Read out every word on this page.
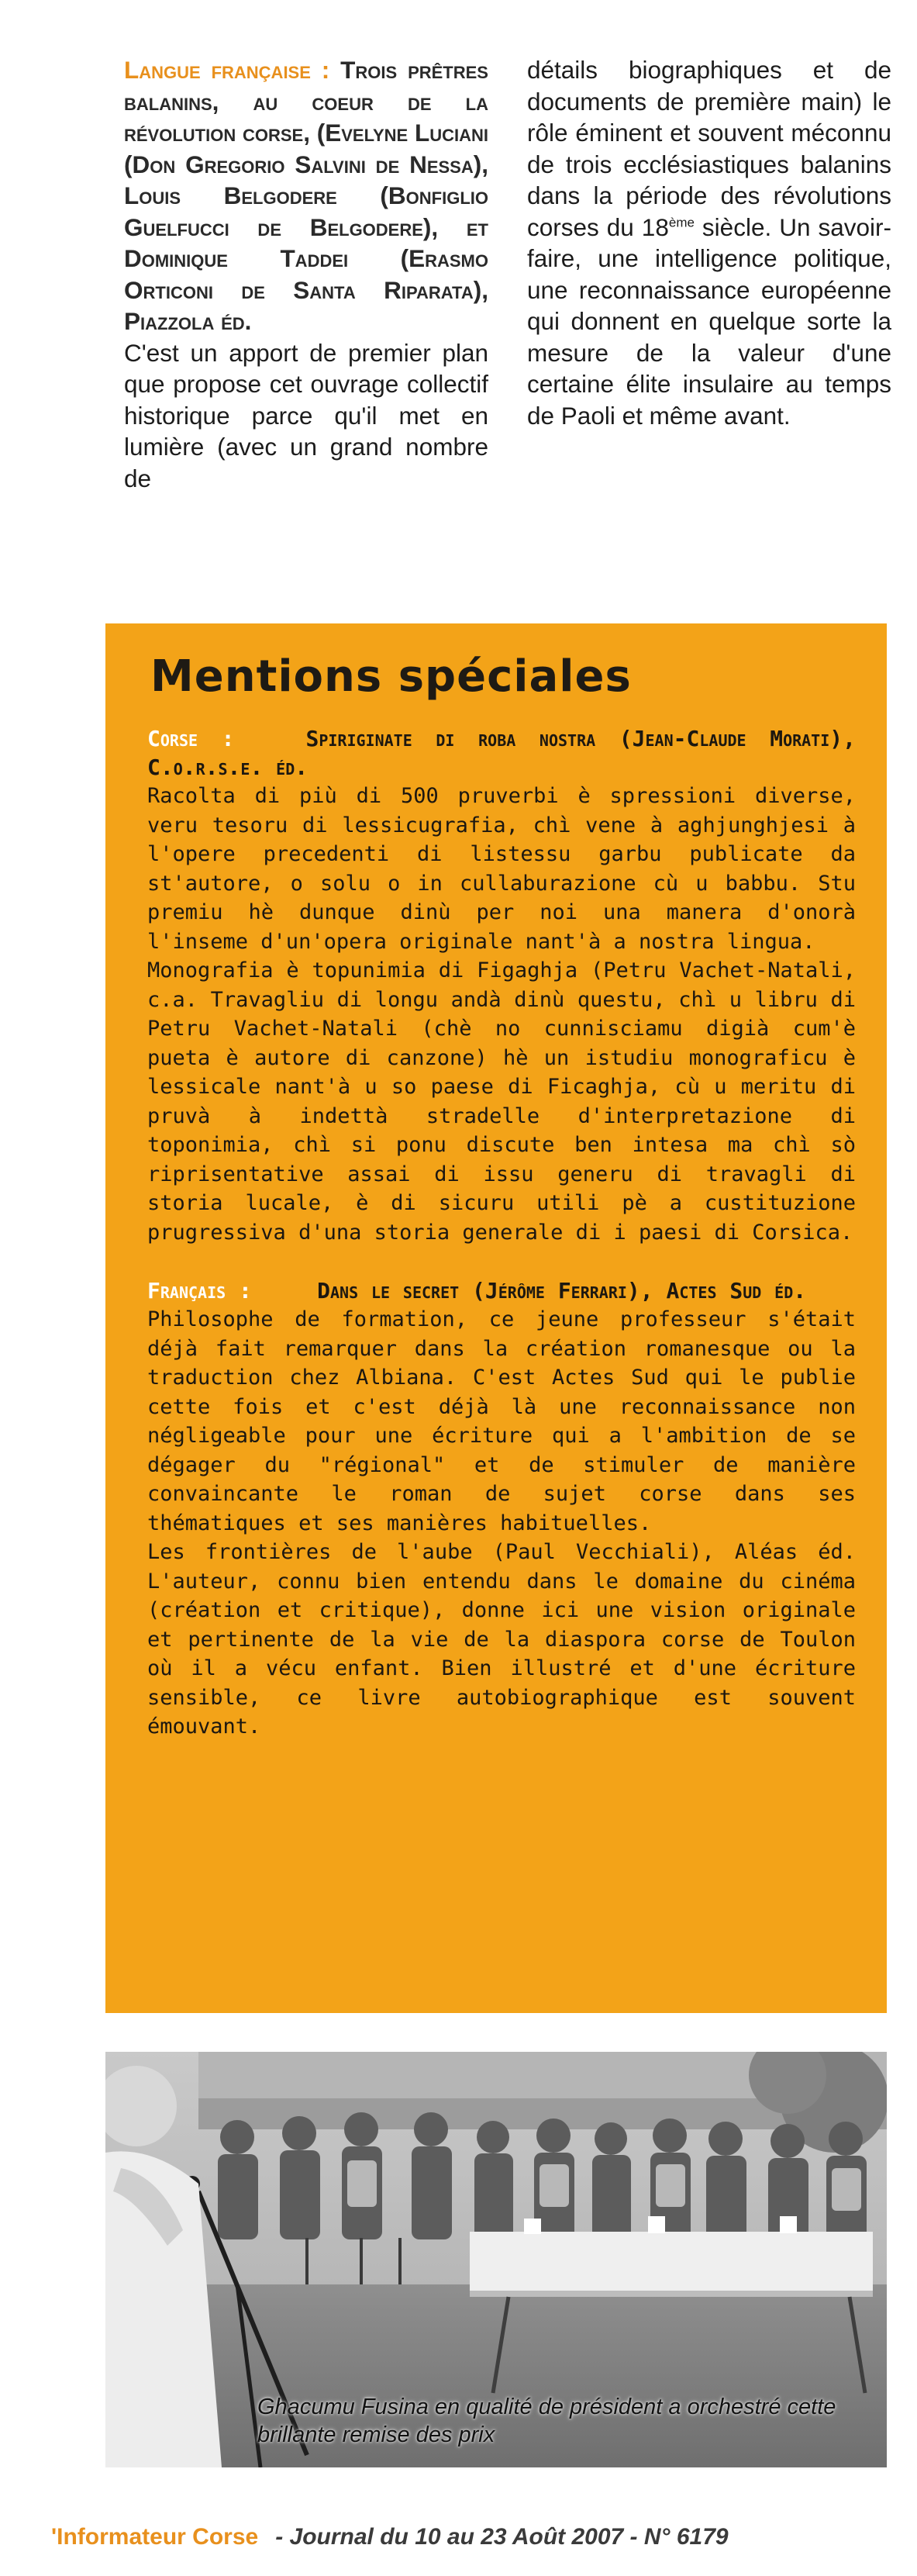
Langue française : Trois prêtres balanins, au coeur de la révolution corse, (Evelyne Luciani (Don Gregorio Salvini de Nessa), Louis Belgodere (Bonfiglio Guelfucci de Belgodere), et Dominique Taddei (Erasmo Orticoni de Santa Riparata), Piazzola éd.

C'est un apport de premier plan que propose cet ouvrage collectif historique parce qu'il met en lumière (avec un grand nombre de

détails biographiques et de documents de première main) le rôle éminent et souvent méconnu de trois ecclésiastiques balanins dans la période des révolutions corses du 18ème siècle. Un savoir-faire, une intelligence politique, une reconnaissance européenne qui donnent en quelque sorte la mesure de la valeur d'une certaine élite insulaire au temps de Paoli et même avant.

Mentions spéciales

Corse :	Spiriginate di roba nostra (Jean-Claude Morati), C.o.r.s.e. éd.

Racolta di più di 500 pruverbi è spressioni diverse, veru tesoru di lessicugrafia, chì vene à aghjunghjesi à l'opere precedenti di listessu garbu publicate da st'autore, o solu o in cullaburazione cù u babbu. Stu premiu hè dunque dinù per noi una manera d'onorà l'inseme d'un'opera originale nant'à a nostra lingua.

Monografia è topunimia di Figaghja (Petru Vachet-Natali, c.a. Travagliu di longu andà dinù questu, chì u libru di Petru Vachet-Natali (chè no cunnisciamu digià cum'è pueta è autore di canzone) hè un istudiu monograficu è lessicale nant'à u so paese di Ficaghja, cù u meritu di pruvà à indettà stradelle d'interpretazione di toponimia, chì si ponu discute ben intesa ma chì sò riprisentative assai di issu generu di travagli di storia lucale, è di sicuru utili pè a custituzione prugressiva d'una storia generale di i paesi di Corsica.

Français :	Dans le secret (Jérôme Ferrari), Actes Sud éd.

Philosophe de formation, ce jeune professeur s'était déjà fait remarquer dans la création romanesque ou la traduction chez Albiana. C'est Actes Sud qui le publie cette fois et c'est déjà là une reconnaissance non négligeable pour une écriture qui a l'ambition de se dégager du "régional" et de stimuler de manière convaincante le roman de sujet corse dans ses thématiques et ses manières habituelles.

Les frontières de l'aube (Paul Vecchiali), Aléas éd. L'auteur, connu bien entendu dans le domaine du cinéma (création et critique), donne ici une vision originale et pertinente de la vie de la diaspora corse de Toulon où il a vécu enfant. Bien illustré et d'une écriture sensible, ce livre autobiographique est souvent émouvant.

Ghacumu Fusina en qualité de président a orchestré cette brillante remise des prix
'Informateur Corse - Journal du 10 au 23 Août 2007 - N° 6179
